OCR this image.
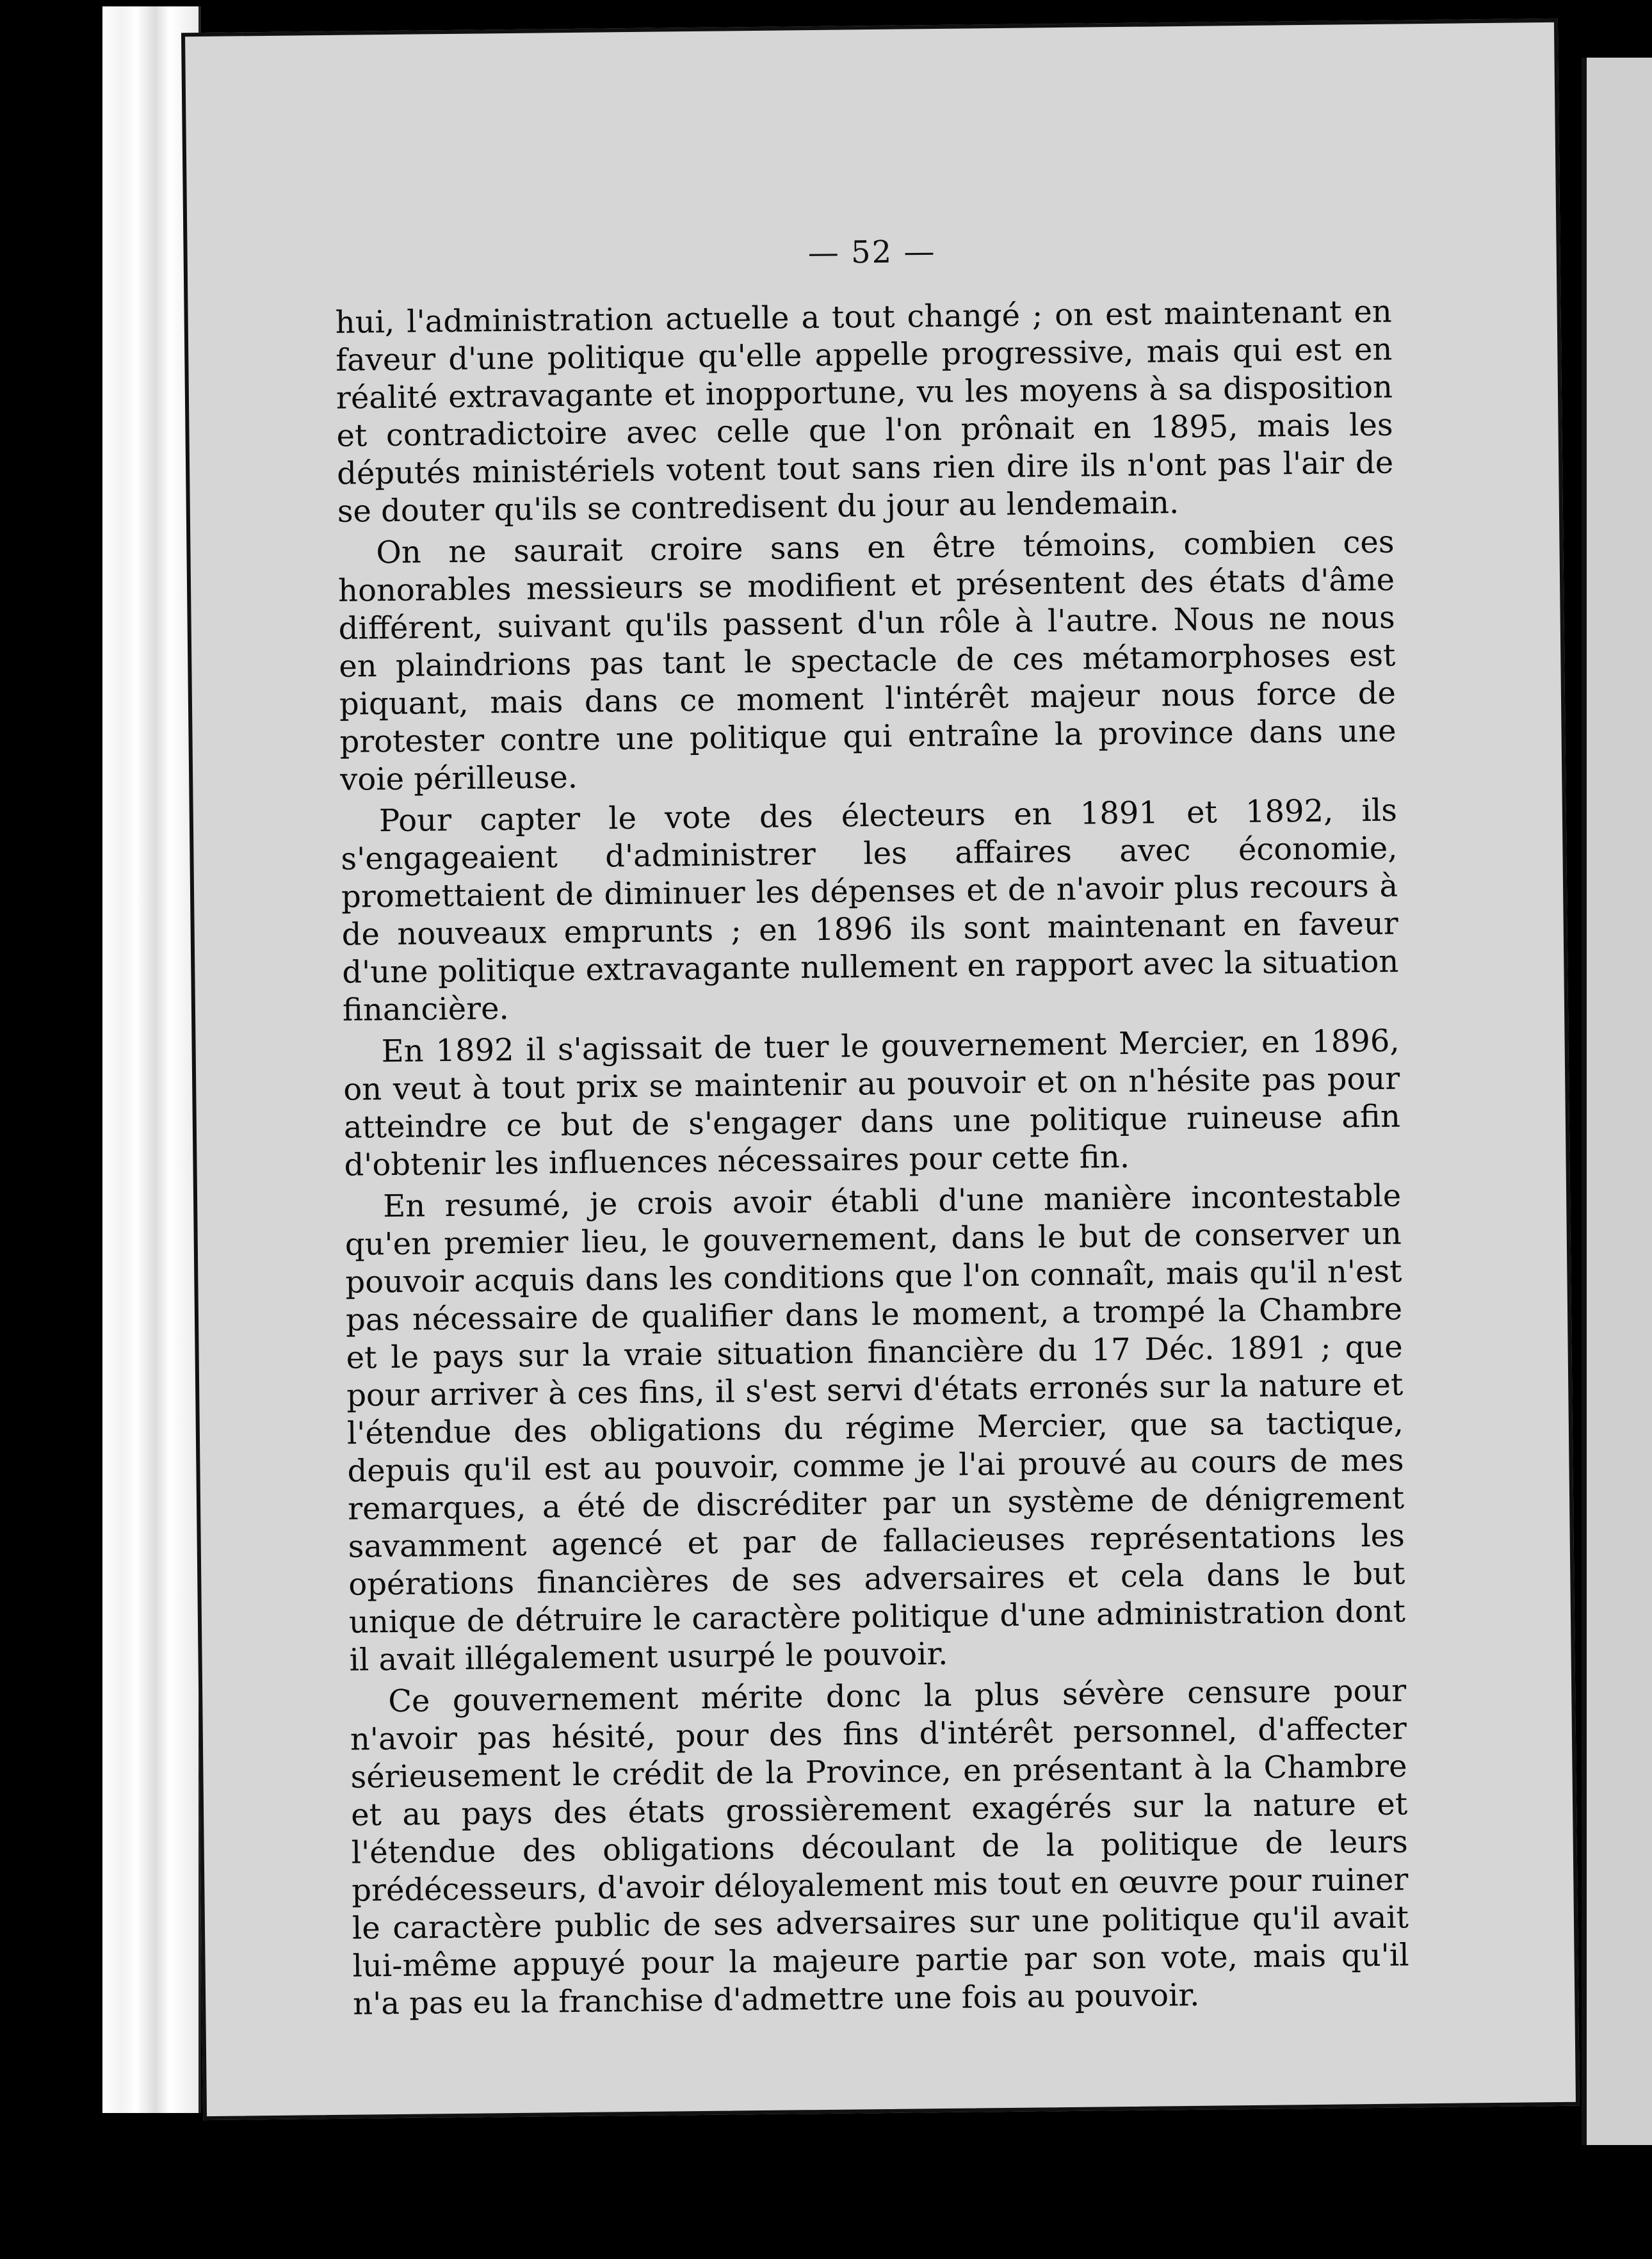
— 52 —

hui, l'administration actuelle a tout changé ; on est maintenant en faveur d'une politique qu'elle appelle progressive, mais qui est en réalité extravagante et inopportune, vu les moyens à sa disposition et contradictoire avec celle que l'on prônait en 1895, mais les députés ministériels votent tout sans rien dire ils n'ont pas l'air de se douter qu'ils se contredisent du jour au lendemain.

On ne saurait croire sans en être témoins, combien ces honorables messieurs se modifient et présentent des états d'âme différent, suivant qu'ils passent d'un rôle à l'autre. Nous ne nous en plaindrions pas tant le spectacle de ces métamorphoses est piquant, mais dans ce moment l'intérêt majeur nous force de protester contre une politique qui entraîne la province dans une voie périlleuse.

Pour capter le vote des électeurs en 1891 et 1892, ils s'engageaient d'administrer les affaires avec économie, promettaient de diminuer les dépenses et de n'avoir plus recours à de nouveaux emprunts ; en 1896 ils sont maintenant en faveur d'une politique extravagante nullement en rapport avec la situation financière.

En 1892 il s'agissait de tuer le gouvernement Mercier, en 1896, on veut à tout prix se maintenir au pouvoir et on n'hésite pas pour atteindre ce but de s'engager dans une politique ruineuse afin d'obtenir les influences nécessaires pour cette fin.

En resumé, je crois avoir établi d'une manière incontestable qu'en premier lieu, le gouvernement, dans le but de conserver un pouvoir acquis dans les conditions que l'on connaît, mais qu'il n'est pas nécessaire de qualifier dans le moment, a trompé la Chambre et le pays sur la vraie situation financière du 17 Déc. 1891 ; que pour arriver à ces fins, il s'est servi d'états erronés sur la nature et l'étendue des obligations du régime Mercier, que sa tactique, depuis qu'il est au pouvoir, comme je l'ai prouvé au cours de mes remarques, a été de discréditer par un système de dénigrement savamment agencé et par de fallacieuses représentations les opérations financières de ses adversaires et cela dans le but unique de détruire le caractère politique d'une administration dont il avait illégalement usurpé le pouvoir.

Ce gouvernement mérite donc la plus sévère censure pour n'avoir pas hésité, pour des fins d'intérêt personnel, d'affecter sérieusement le crédit de la Province, en présentant à la Chambre et au pays des états grossièrement exagérés sur la nature et l'étendue des obligations découlant de la politique de leurs prédécesseurs, d'avoir déloyalement mis tout en œuvre pour ruiner le caractère public de ses adversaires sur une politique qu'il avait lui-même appuyé pour la majeure partie par son vote, mais qu'il n'a pas eu la franchise d'admettre une fois au pouvoir.
